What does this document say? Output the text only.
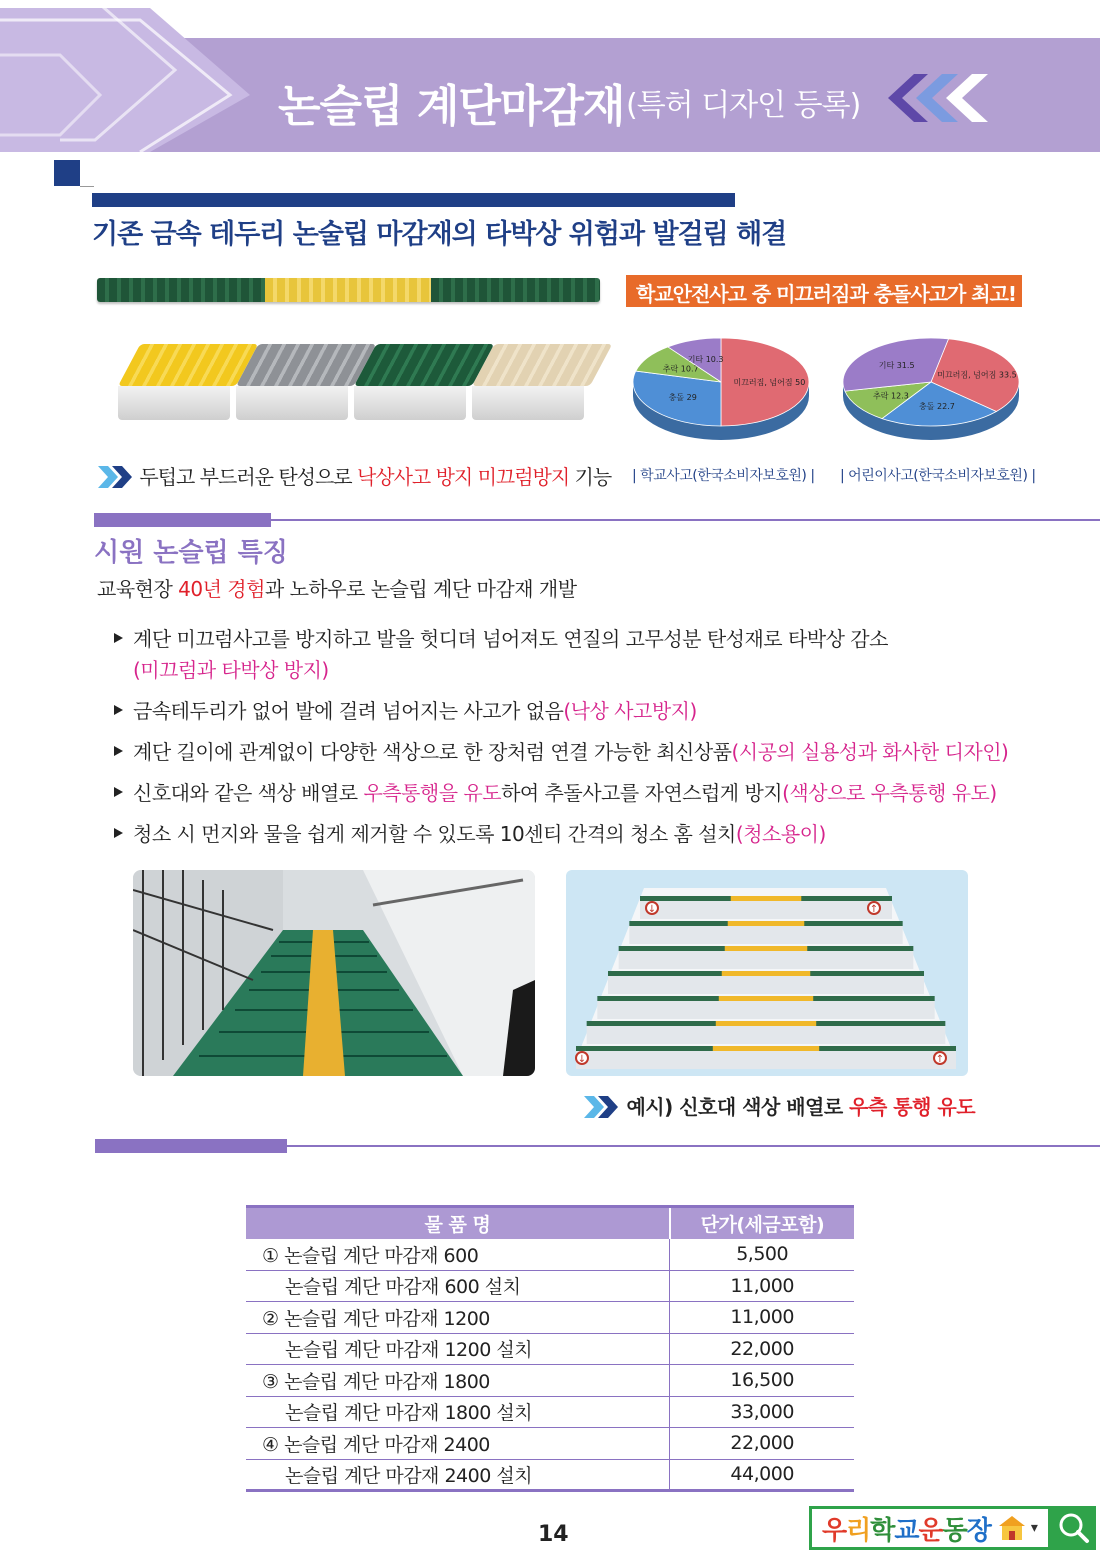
논슬립 계단마감재 (특허 디자인 등록)
기존 금속 테두리 논술립 마감재의 타박상 위험과 발걸림 해결
학교안전사고 중 미끄러짐과 충돌사고가 최고!
미끄러짐, 넘어짐 50
충돌 29
추락 10.7
기타 10.3
미끄러짐, 넘어짐 33.5
충돌 22.7
추락 12.3
기타 31.5
두텁고 부드러운 탄성으로 낙상사고 방지 미끄럼방지 기능 | 학교사고(한국소비자보호원) | | 어린이사고(한국소비자보호원) |
시원 논슬립 특징
교육현장 40년 경험과 노하우로 논슬립 계단 마감재 개발
계단 미끄럼사고를 방지하고 발을 헛디뎌 넘어져도 연질의 고무성분 탄성재로 타박상 감소
(미끄럼과 타박상 방지)
금속테두리가 없어 발에 걸려 넘어지는 사고가 없음(낙상 사고방지)
계단 길이에 관계없이 다양한 색상으로 한 장처럼 연결 가능한 최신상품(시공의 실용성과 화사한 디자인)
신호대와 같은 색상 배열로 우측통행을 유도하여 추돌사고를 자연스럽게 방지(색상으로 우측통행 유도)
청소 시 먼지와 물을 쉽게 제거할 수 있도록 10센티 간격의 청소 홈 설치(청소용이)
↓	↑
↓	↑
예시) 신호대 색상 배열로 우측 통행 유도
물 품 명	단가(세금포함)
① 논슬립 계단 마감재 600	5,500
논슬립 계단 마감재 600 설치	11,000
② 논슬립 계단 마감재 1200	11,000
논슬립 계단 마감재 1200 설치	22,000
③ 논슬립 계단 마감재 1800	16,500
논슬립 계단 마감재 1800 설치	33,000
④ 논슬립 계단 마감재 2400	22,000
논슬립 계단 마감재 2400 설치	44,000
14	우리학교운동장	▾
